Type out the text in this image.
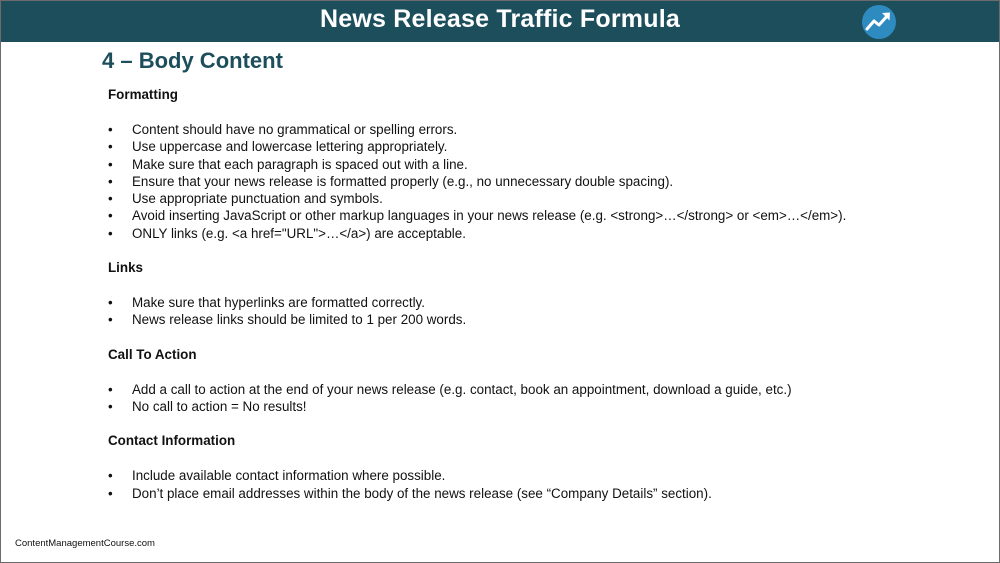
News Release Traffic Formula
4 – Body Content
Formatting
• Content should have no grammatical or spelling errors.
• Use uppercase and lowercase lettering appropriately.
• Make sure that each paragraph is spaced out with a line.
• Ensure that your news release is formatted properly (e.g., no unnecessary double spacing).
• Use appropriate punctuation and symbols.
• Avoid inserting JavaScript or other markup languages in your news release (e.g. <strong>…</strong> or <em>…</em>).
• ONLY links (e.g. <a href="URL">…</a>) are acceptable.
Links
• Make sure that hyperlinks are formatted correctly.
• News release links should be limited to 1 per 200 words.
Call To Action
• Add a call to action at the end of your news release (e.g. contact, book an appointment, download a guide, etc.)
• No call to action = No results!
Contact Information
• Include available contact information where possible.
• Don’t place email addresses within the body of the news release (see “Company Details” section).
ContentManagementCourse.com
